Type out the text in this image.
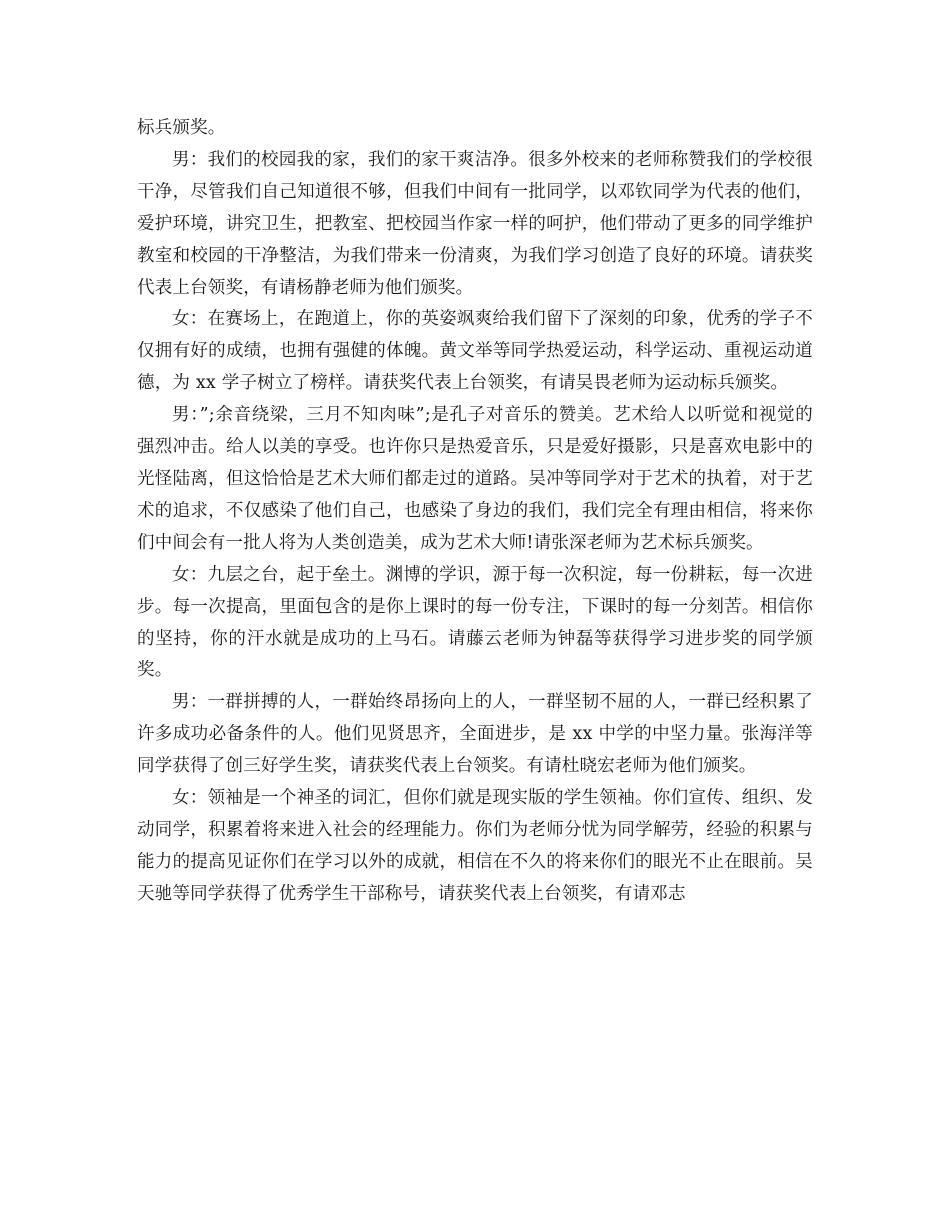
标兵颁奖。

男：我们的校园我的家，我们的家干爽洁净。很多外校来的老师称赞我们的学校很干净，尽管我们自己知道很不够，但我们中间有一批同学，以邓钦同学为代表的他们，爱护环境，讲究卫生，把教室、把校园当作家一样的呵护，他们带动了更多的同学维护教室和校园的干净整洁，为我们带来一份清爽，为我们学习创造了良好的环境。请获奖代表上台领奖，有请杨静老师为他们颁奖。

女：在赛场上，在跑道上，你的英姿飒爽给我们留下了深刻的印象，优秀的学子不仅拥有好的成绩，也拥有强健的体魄。黄文举等同学热爱运动，科学运动、重视运动道德，为 xx 学子树立了榜样。请获奖代表上台领奖，有请吴畏老师为运动标兵颁奖。

男：”;余音绕梁，三月不知肉味”;是孔子对音乐的赞美。艺术给人以听觉和视觉的强烈冲击。给人以美的享受。也许你只是热爱音乐，只是爱好摄影，只是喜欢电影中的光怪陆离，但这恰恰是艺术大师们都走过的道路。吴冲等同学对于艺术的执着，对于艺术的追求，不仅感染了他们自己，也感染了身边的我们，我们完全有理由相信，将来你们中间会有一批人将为人类创造美，成为艺术大师!请张深老师为艺术标兵颁奖。

女：九层之台，起于垒土。渊博的学识，源于每一次积淀，每一份耕耘，每一次进步。每一次提高，里面包含的是你上课时的每一份专注，下课时的每一分刻苦。相信你的坚持，你的汗水就是成功的上马石。请藤云老师为钟磊等获得学习进步奖的同学颁奖。

男：一群拼搏的人，一群始终昂扬向上的人，一群坚韧不屈的人，一群已经积累了许多成功必备条件的人。他们见贤思齐，全面进步，是 xx 中学的中坚力量。张海洋等同学获得了创三好学生奖，请获奖代表上台领奖。有请杜晓宏老师为他们颁奖。

女：领袖是一个神圣的词汇，但你们就是现实版的学生领袖。你们宣传、组织、发动同学，积累着将来进入社会的经理能力。你们为老师分忧为同学解劳，经验的积累与能力的提高见证你们在学习以外的成就，相信在不久的将来你们的眼光不止在眼前。吴天驰等同学获得了优秀学生干部称号，请获奖代表上台领奖，有请邓志
